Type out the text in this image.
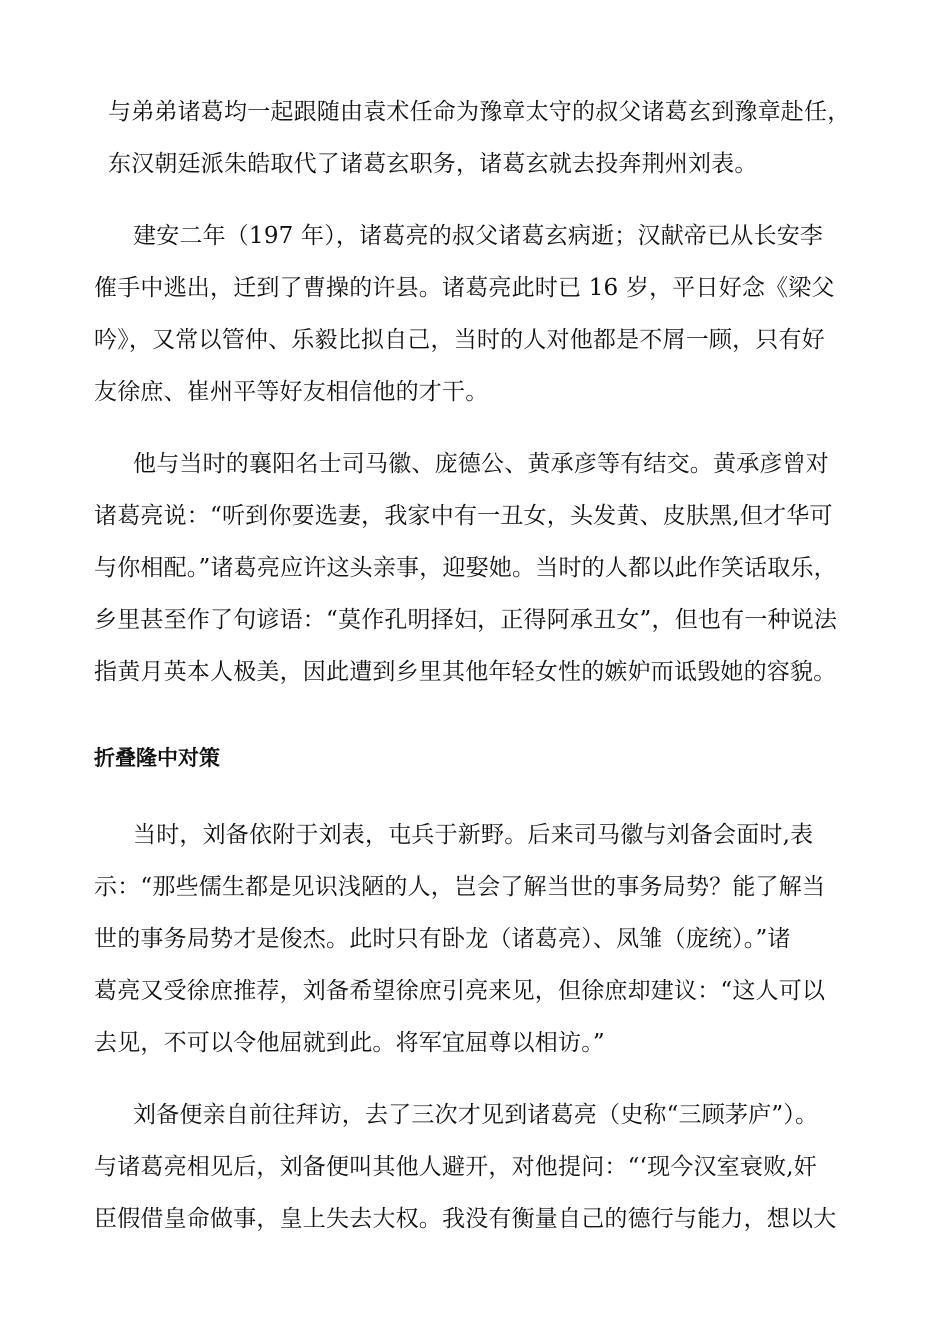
与弟弟诸葛均一起跟随由袁术任命为豫章太守的叔父诸葛玄到豫章赴任，
东汉朝廷派朱皓取代了诸葛玄职务，诸葛玄就去投奔荆州刘表。
建安二年（197 年），诸葛亮的叔父诸葛玄病逝；汉献帝已从长安李
傕手中逃出，迁到了曹操的许县。诸葛亮此时已 16 岁，平日好念《梁父
吟》，又常以管仲、乐毅比拟自己，当时的人对他都是不屑一顾，只有好
友徐庶、崔州平等好友相信他的才干。
他与当时的襄阳名士司马徽、庞德公、黄承彦等有结交。黄承彦曾对
诸葛亮说：“听到你要选妻，我家中有一丑女，头发黄、皮肤黑,但才华可
与你相配。”诸葛亮应许这头亲事，迎娶她。当时的人都以此作笑话取乐，
乡里甚至作了句谚语：“莫作孔明择妇，正得阿承丑女”，但也有一种说法
指黄月英本人极美，因此遭到乡里其他年轻女性的嫉妒而诋毁她的容貌。
折叠隆中对策
当时，刘备依附于刘表，屯兵于新野。后来司马徽与刘备会面时,表
示：“那些儒生都是见识浅陋的人，岂会了解当世的事务局势？能了解当
世的事务局势才是俊杰。此时只有卧龙（诸葛亮）、凤雏（庞统）。”诸
葛亮又受徐庶推荐，刘备希望徐庶引亮来见，但徐庶却建议：“这人可以
去见，不可以令他屈就到此。将军宜屈尊以相访。”
刘备便亲自前往拜访，去了三次才见到诸葛亮（史称“三顾茅庐”）。
与诸葛亮相见后，刘备便叫其他人避开，对他提问：“‘现今汉室衰败,奸
臣假借皇命做事，皇上失去大权。我没有衡量自己的德行与能力，想以大
